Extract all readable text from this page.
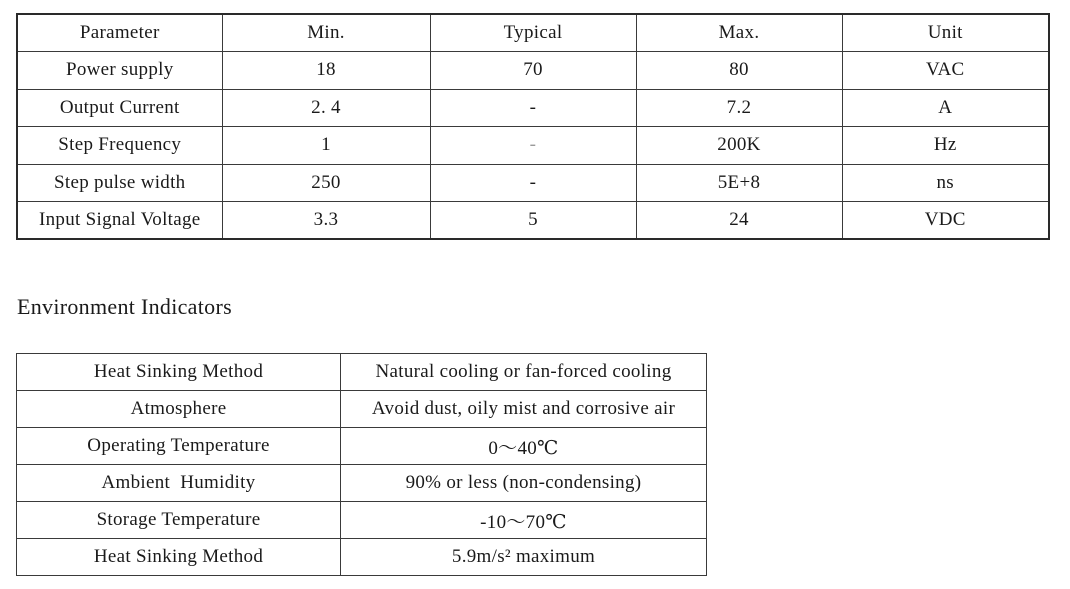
Parameter	Min.	Typical	Max.	Unit
Power supply	18	70	80	VAC
Output Current	2. 4	-	7.2	A
Step Frequency	1	-	200K	Hz
Step pulse width	250	-	5E+8	ns
Input Signal Voltage	3.3	5	24	VDC
Environment Indicators
Heat Sinking Method	Natural cooling or fan-forced cooling
Atmosphere	Avoid dust, oily mist and corrosive air
Operating Temperature	0～40℃
Ambient  Humidity	90% or less (non-condensing)
Storage Temperature	-10～70℃
Heat Sinking Method	5.9m/s² maximum
